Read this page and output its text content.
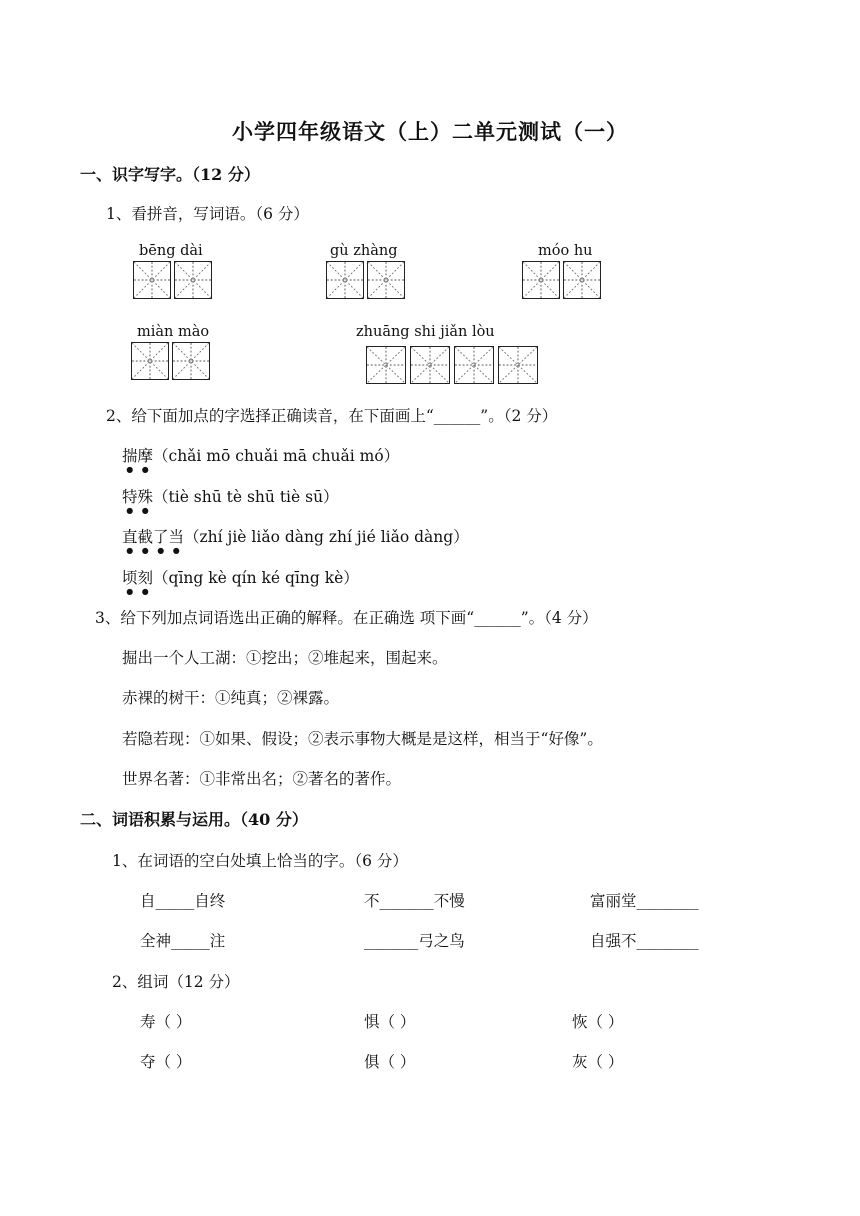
小学四年级语文（上）二单元测试（一）
一、识字写字。（12 分）
1、看拼音，写词语。（6 分）
bēng dài	gù zhàng	móo hu
miàn mào	zhuāng shi jiǎn lòu
2、给下面加点的字选择正确读音，在下面画上“______”。（2 分）
揣摩（chǎi mō chuǎi mā chuǎi mó）
特殊（tiè shū tè shū tiè sū）
直截了当（zhí jiè liǎo dàng zhí jié liǎo dàng）
顷刻（qīng kè qín ké qīng kè）
3、给下列加点词语选出正确的解释。在正确选 项下画“______”。（4 分）
掘出一个人工湖：①挖出；②堆起来，围起来。
赤裸的树干：①纯真；②裸露。
若隐若现：①如果、假设；②表示事物大概是是这样，相当于“好像”。
世界名著：①非常出名；②著名的著作。
二、词语积累与运用。（40 分）
1、在词语的空白处填上恰当的字。（6 分）
自_____自终	不_______不慢	富丽堂________
全神_____注	_______弓之鸟	自强不________
2、组词（12 分）
寿（ ）	惧（ ）	恢（ ）
夺（ ）	俱（ ）	灰（ ）
